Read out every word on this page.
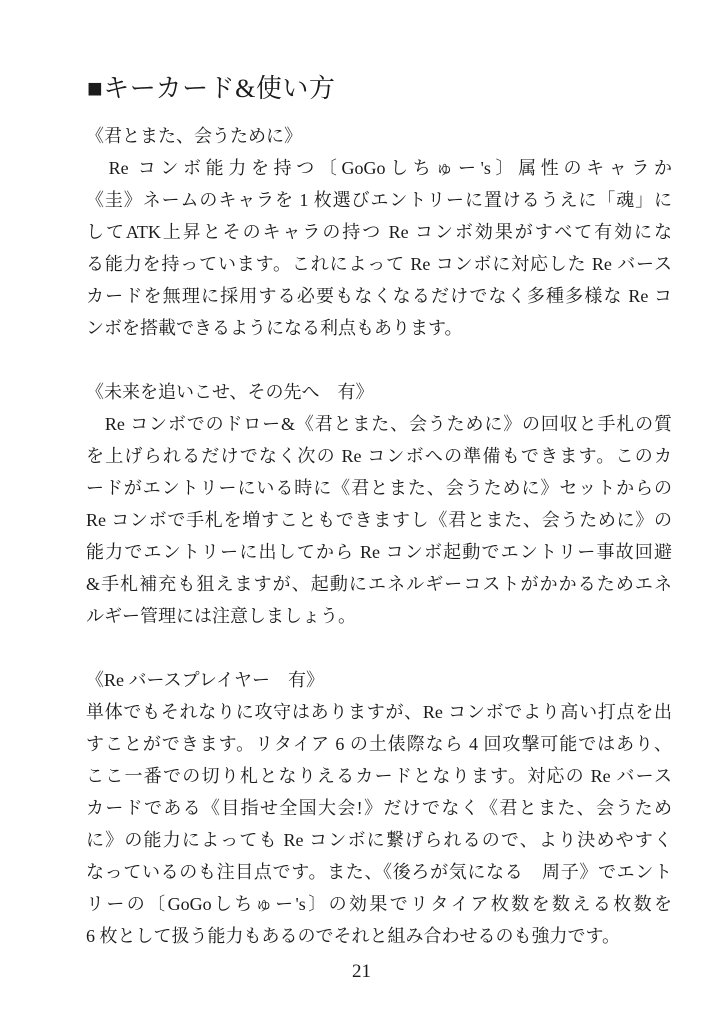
■キーカード&使い方
《君とまた、会うために》
　Re コンボ能力を持つ〔GoGoしちゅー's〕属性のキャラか
《圭》ネームのキャラを 1 枚選びエントリーに置けるうえに「魂」に
してATK上昇とそのキャラの持つ Re コンボ効果がすべて有効にな
る能力を持っています。これによって Re コンボに対応した Re バース
カードを無理に採用する必要もなくなるだけでなく多種多様な Re コ
ンボを搭載できるようになる利点もあります。
《未来を追いこせ、その先へ　有》
　Re コンボでのドロー&《君とまた、会うために》の回収と手札の質
を上げられるだけでなく次の Re コンボへの準備もできます。このカ
ードがエントリーにいる時に《君とまた、会うために》セットからの
Re コンボで手札を増すこともできますし《君とまた、会うために》の
能力でエントリーに出してから Re コンボ起動でエントリー事故回避
&手札補充も狙えますが、起動にエネルギーコストがかかるためエネ
ルギー管理には注意しましょう。
《Re バースプレイヤー　有》
単体でもそれなりに攻守はありますが、Re コンボでより高い打点を出
すことができます。リタイア 6 の土俵際なら 4 回攻撃可能ではあり、
ここ一番での切り札となりえるカードとなります。対応の Re バース
カードである《目指せ全国大会!》だけでなく《君とまた、会うため
に》の能力によっても Re コンボに繋げられるので、より決めやすく
なっているのも注目点です。また、《後ろが気になる　周子》でエント
リーの〔GoGoしちゅー's〕の効果でリタイア枚数を数える枚数を
6 枚として扱う能力もあるのでそれと組み合わせるのも強力です。
21
